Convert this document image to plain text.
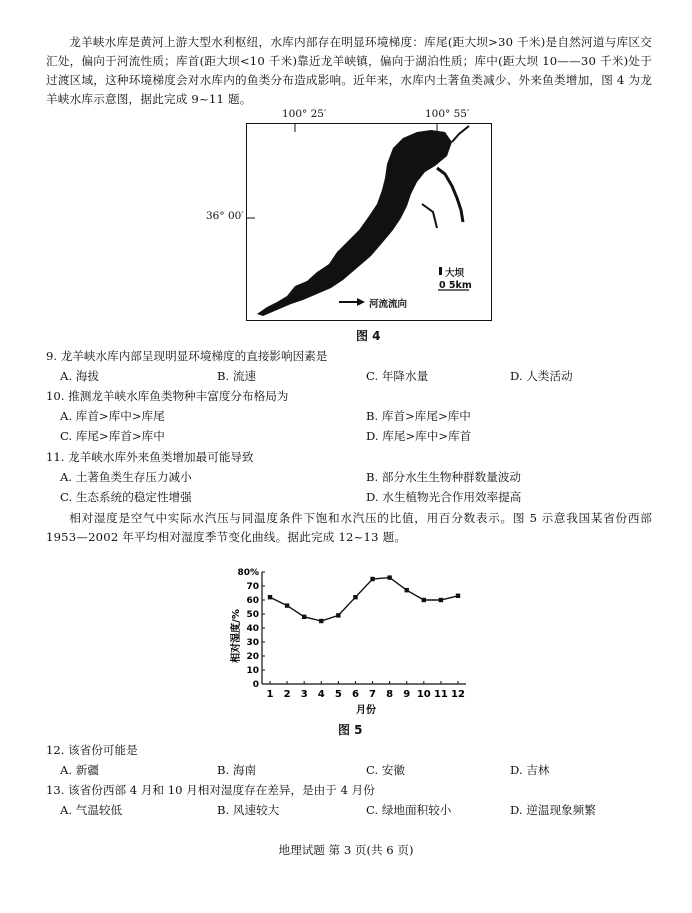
龙羊峡水库是黄河上游大型水利枢纽，水库内部存在明显环境梯度：库尾(距大坝>30 千米)是自然河道与库区交汇处，偏向于河流性质；库首(距大坝<10 千米)靠近龙羊峡镇，偏向于湖泊性质；库中(距大坝 10——30 千米)处于过渡区域，这种环境梯度会对水库内的鱼类分布造成影响。近年来，水库内土著鱼类减少、外来鱼类增加，图 4 为龙羊峡水库示意图，据此完成 9~11 题。
大坝
0 5km
河流流向
100° 25′	100° 55′
36° 00′
图 4
9. 龙羊峡水库内部呈现明显环境梯度的直接影响因素是
A. 海拔	B. 流速	C. 年降水量	D. 人类活动
10. 推测龙羊峡水库鱼类物种丰富度分布格局为
A. 库首>库中>库尾	B. 库首>库尾>库中
C. 库尾>库首>库中	D. 库尾>库中>库首
11. 龙羊峡水库外来鱼类增加最可能导致
A. 土著鱼类生存压力减小	B. 部分水生生物种群数量波动
C. 生态系统的稳定性增强	D. 水生植物光合作用效率提高
相对湿度是空气中实际水汽压与同温度条件下饱和水汽压的比值，用百分数表示。图 5 示意我国某省份西部 1953—2002 年平均相对湿度季节变化曲线。据此完成 12~13 题。
相对湿度/%
月份
0
10
20
30
40
50
60
70
80%
1 2 3 4 5 6 7 8 9 10 11 12
图 5
12. 该省份可能是
A. 新疆	B. 海南	C. 安徽	D. 吉林
13. 该省份西部 4 月和 10 月相对湿度存在差异，是由于 4 月份
A. 气温较低	B. 风速较大	C. 绿地面积较小	D. 逆温现象频繁
地理试题 第 3 页(共 6 页)
